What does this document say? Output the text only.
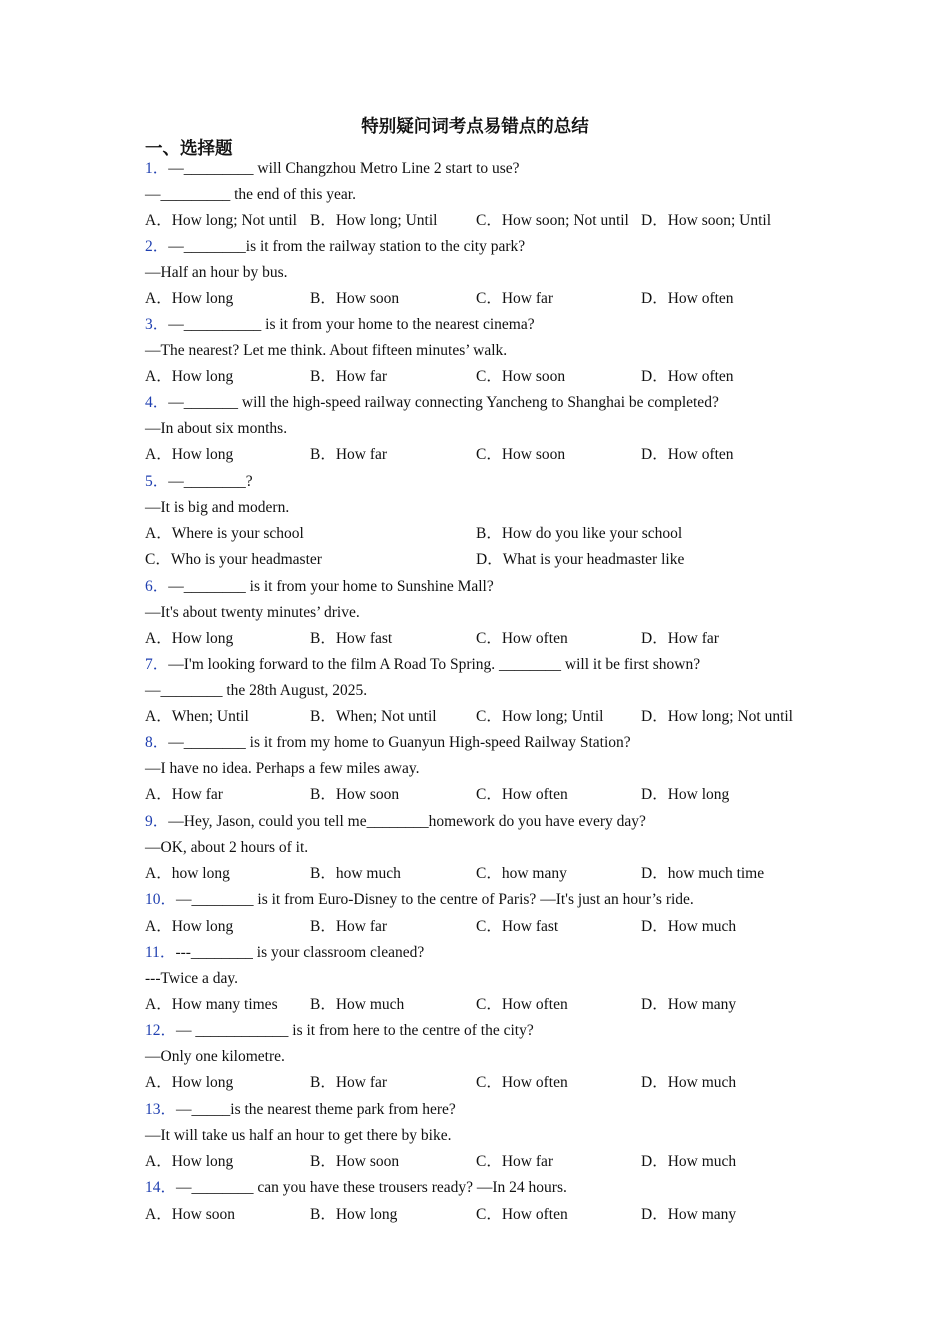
特别疑问词考点易错点的总结
一、选择题
1．—_________ will Changzhou Metro Line 2 start to use?
—_________ the end of this year.
A．How long; Not until B．How long; Until C．How soon; Not until D．How soon; Until
2．—________is it from the railway station to the city park?
—Half an hour by bus.
A．How long	B．How soon	C．How far	D．How often
3．—__________ is it from your home to the nearest cinema?
—The nearest? Let me think. About fifteen minutes’ walk.
A．How long	B．How far	C．How soon	D．How often
4．—_______ will the high-speed railway connecting Yancheng to Shanghai be completed?
—In about six months.
A．How long	B．How far	C．How soon	D．How often
5．—________?
—It is big and modern.
A．Where is your school	B．How do you like your school
C．Who is your headmaster	D．What is your headmaster like
6．—________ is it from your home to Sunshine Mall?
—It's about twenty minutes’ drive.
A．How long	B．How fast	C．How often	D．How far
7．—I'm looking forward to the film A Road To Spring. ________ will it be first shown?
—________ the 28th August, 2025.
A．When; Until	B．When; Not until	C．How long; Until D．How long; Not until
8．—________ is it from my home to Guanyun High-speed Railway Station?
—I have no idea. Perhaps a few miles away.
A．How far	B．How soon	C．How often	D．How long
9．—Hey, Jason, could you tell me________homework do you have every day?
—OK, about 2 hours of it.
A．how long	B．how much	C．how many	D．how much time
10．—________ is it from Euro-Disney to the centre of Paris? —It's just an hour’s ride.
A．How long	B．How far	C．How fast	D．How much
11．---________ is your classroom cleaned?
---Twice a day.
A．How many times B．How much	C．How often	D．How many
12．— ____________ is it from here to the centre of the city?
—Only one kilometre.
A．How long	B．How far	C．How often	D．How much
13．—_____is the nearest theme park from here?
—It will take us half an hour to get there by bike.
A．How long	B．How soon	C．How far	D．How much
14．—________ can you have these trousers ready? —In 24 hours.
A．How soon	B．How long	C．How often	D．How many
